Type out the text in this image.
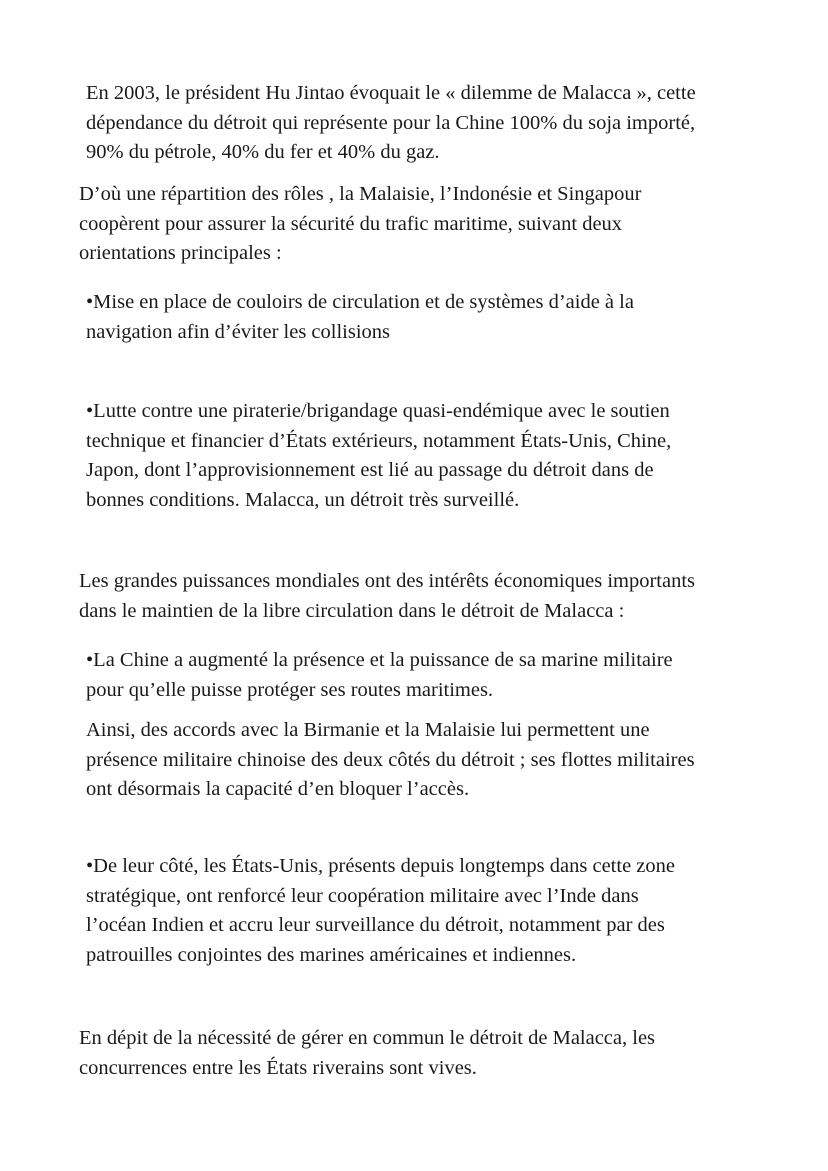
En 2003, le président Hu Jintao évoquait le « dilemme de Malacca », cette
dépendance du détroit qui représente pour la Chine 100% du soja importé,
90% du pétrole, 40% du fer et 40% du gaz.
D’où une répartition des rôles , la Malaisie, l’Indonésie et Singapour
coopèrent pour assurer la sécurité du trafic maritime, suivant deux
orientations principales :
•Mise en place de couloirs de circulation et de systèmes d’aide à la
navigation afin d’éviter les collisions
•Lutte contre une piraterie/brigandage quasi-endémique avec le soutien
technique et financier d’États extérieurs, notamment États-Unis, Chine,
Japon, dont l’approvisionnement est lié au passage du détroit dans de
bonnes conditions. Malacca, un détroit très surveillé.
Les grandes puissances mondiales ont des intérêts économiques importants
dans le maintien de la libre circulation dans le détroit de Malacca :
•La Chine a augmenté la présence et la puissance de sa marine militaire
pour qu’elle puisse protéger ses routes maritimes.
Ainsi, des accords avec la Birmanie et la Malaisie lui permettent une
présence militaire chinoise des deux côtés du détroit ; ses flottes militaires
ont désormais la capacité d’en bloquer l’accès.
•De leur côté, les États-Unis, présents depuis longtemps dans cette zone
stratégique, ont renforcé leur coopération militaire avec l’Inde dans
l’océan Indien et accru leur surveillance du détroit, notamment par des
patrouilles conjointes des marines américaines et indiennes.
En dépit de la nécessité de gérer en commun le détroit de Malacca, les
concurrences entre les États riverains sont vives.
